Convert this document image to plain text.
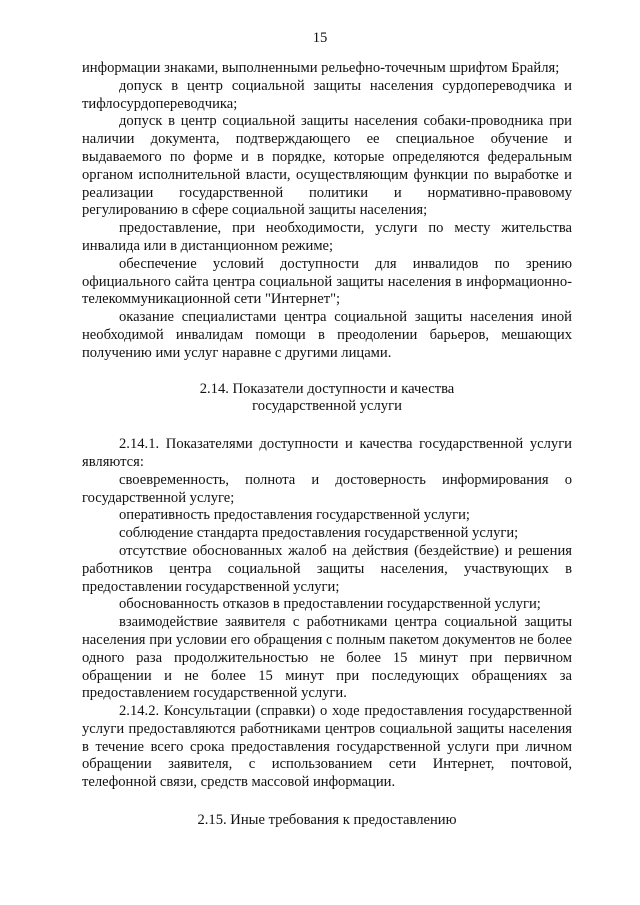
15

информации знаками, выполненными рельефно-точечным шрифтом Брайля;

допуск в центр социальной защиты населения сурдопереводчика и тифлосурдопереводчика;

допуск в центр социальной защиты населения собаки-проводника при наличии документа, подтверждающего ее специальное обучение и выдаваемого по форме и в порядке, которые определяются федеральным органом исполнительной власти, осуществляющим функции по выработке и реализации государственной политики и нормативно-правовому регулированию в сфере социальной защиты населения;

предоставление, при необходимости, услуги по месту жительства инвалида или в дистанционном режиме;

обеспечение условий доступности для инвалидов по зрению официального сайта центра социальной защиты населения в информационно-телекоммуникационной сети "Интернет";

оказание специалистами центра социальной защиты населения иной необходимой инвалидам помощи в преодолении барьеров, мешающих получению ими услуг наравне с другими лицами.

2.14. Показатели доступности и качества
государственной услуги

2.14.1. Показателями доступности и качества государственной услуги являются:

своевременность, полнота и достоверность информирования о государственной услуге;

оперативность предоставления государственной услуги;

соблюдение стандарта предоставления государственной услуги;

отсутствие обоснованных жалоб на действия (бездействие) и решения работников центра социальной защиты населения, участвующих в предоставлении государственной услуги;

обоснованность отказов в предоставлении государственной услуги;

взаимодействие заявителя с работниками центра социальной защиты населения при условии его обращения с полным пакетом документов не более одного раза продолжительностью не более 15 минут при первичном обращении и не более 15 минут при последующих обращениях за предоставлением государственной услуги.

2.14.2. Консультации (справки) о ходе предоставления государственной услуги предоставляются работниками центров социальной защиты населения в течение всего срока предоставления государственной услуги при личном обращении заявителя, с использованием сети Интернет, почтовой, телефонной связи, средств массовой информации.

2.15. Иные требования к предоставлению
